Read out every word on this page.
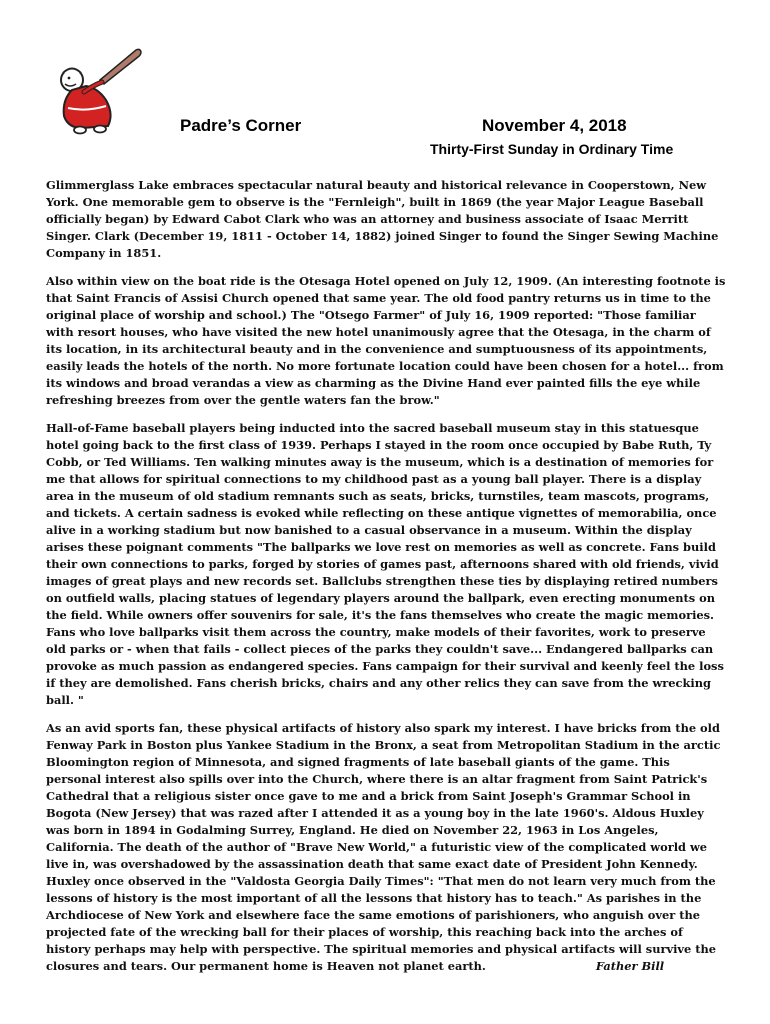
Padre’s Corner	November 4, 2018
Thirty-First Sunday in Ordinary Time

Glimmerglass Lake embraces spectacular natural beauty and historical relevance in Cooperstown, New York. One memorable gem to observe is the "Fernleigh", built in 1869 (the year Major League Baseball officially began) by Edward Cabot Clark who was an attorney and business associate of Isaac Merritt Singer. Clark (December 19, 1811 - October 14, 1882) joined Singer to found the Singer Sewing Machine Company in 1851.

Also within view on the boat ride is the Otesaga Hotel opened on July 12, 1909. (An interesting footnote is that Saint Francis of Assisi Church opened that same year. The old food pantry returns us in time to the original place of worship and school.) The "Otsego Farmer" of July 16, 1909 reported: "Those familiar with resort houses, who have visited the new hotel unanimously agree that the Otesaga, in the charm of its location, in its architectural beauty and in the convenience and sumptuousness of its appointments, easily leads the hotels of the north. No more fortunate location could have been chosen for a hotel... from its windows and broad verandas a view as charming as the Divine Hand ever painted fills the eye while refreshing breezes from over the gentle waters fan the brow."

Hall-of-Fame baseball players being inducted into the sacred baseball museum stay in this statuesque hotel going back to the first class of 1939. Perhaps I stayed in the room once occupied by Babe Ruth, Ty Cobb, or Ted Williams. Ten walking minutes away is the museum, which is a destination of memories for me that allows for spiritual connections to my childhood past as a young ball player. There is a display area in the museum of old stadium remnants such as seats, bricks, turnstiles, team mascots, programs, and tickets. A certain sadness is evoked while reflecting on these antique vignettes of memorabilia, once alive in a working stadium but now banished to a casual observance in a museum. Within the display arises these poignant comments "The ballparks we love rest on memories as well as concrete. Fans build their own connections to parks, forged by stories of games past, afternoons shared with old friends, vivid images of great plays and new records set. Ballclubs strengthen these ties by displaying retired numbers on outfield walls, placing statues of legendary players around the ballpark, even erecting monuments on the field. While owners offer souvenirs for sale, it's the fans themselves who create the magic memories. Fans who love ballparks visit them across the country, make models of their favorites, work to preserve old parks or - when that fails - collect pieces of the parks they couldn't save... Endangered ballparks can provoke as much passion as endangered species. Fans campaign for their survival and keenly feel the loss if they are demolished. Fans cherish bricks, chairs and any other relics they can save from the wrecking ball. "

As an avid sports fan, these physical artifacts of history also spark my interest. I have bricks from the old Fenway Park in Boston plus Yankee Stadium in the Bronx, a seat from Metropolitan Stadium in the arctic Bloomington region of Minnesota, and signed fragments of late baseball giants of the game. This personal interest also spills over into the Church, where there is an altar fragment from Saint Patrick's Cathedral that a religious sister once gave to me and a brick from Saint Joseph's Grammar School in Bogota (New Jersey) that was razed after I attended it as a young boy in the late 1960's. Aldous Huxley was born in 1894 in Godalming Surrey, England. He died on November 22, 1963 in Los Angeles, California. The death of the author of "Brave New World," a futuristic view of the complicated world we live in, was overshadowed by the assassination death that same exact date of President John Kennedy. Huxley once observed in the "Valdosta Georgia Daily Times": "That men do not learn very much from the lessons of history is the most important of all the lessons that history has to teach." As parishes in the Archdiocese of New York and elsewhere face the same emotions of parishioners, who anguish over the projected fate of the wrecking ball for their places of worship, this reaching back into the arches of history perhaps may help with perspective. The spiritual memories and physical artifacts will survive the closures and tears. Our permanent home is Heaven not planet earth.	Father Bill
